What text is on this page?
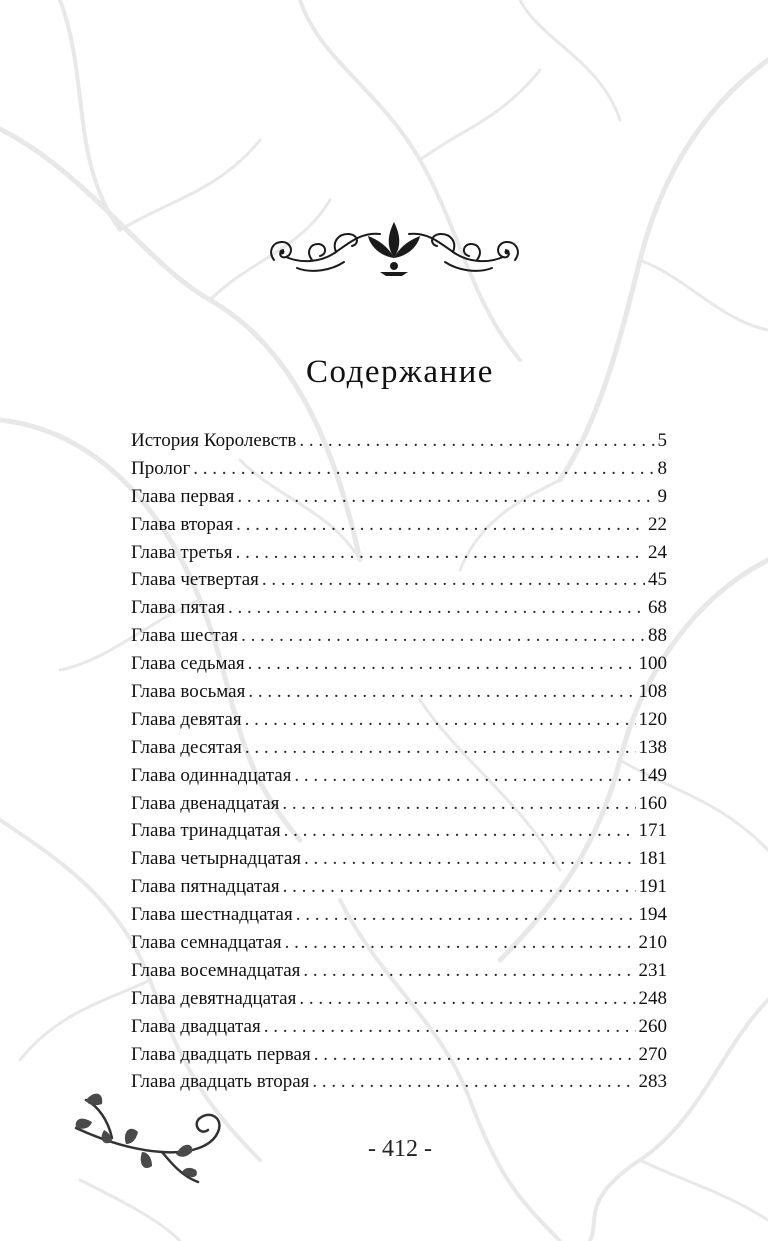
Содержание
История Королевств . . .	5
Пролог . . .	8
Глава первая . . .	9
Глава вторая . . .	22
Глава третья . . .	24
Глава четвертая . . .	45
Глава пятая . . .	68
Глава шестая . . .	88
Глава седьмая . . .	100
Глава восьмая . . .	108
Глава девятая . . .	120
Глава десятая . . .	138
Глава одиннадцатая . . .	149
Глава двенадцатая . . .	160
Глава тринадцатая . . .	171
Глава четырнадцатая . . .	181
Глава пятнадцатая . . .	191
Глава шестнадцатая . . .	194
Глава семнадцатая . . .	210
Глава восемнадцатая . . .	231
Глава девятнадцатая . . .	248
Глава двадцатая . . .	260
Глава двадцать первая . . .	270
Глава двадцать вторая . . .	283
- 412 -
